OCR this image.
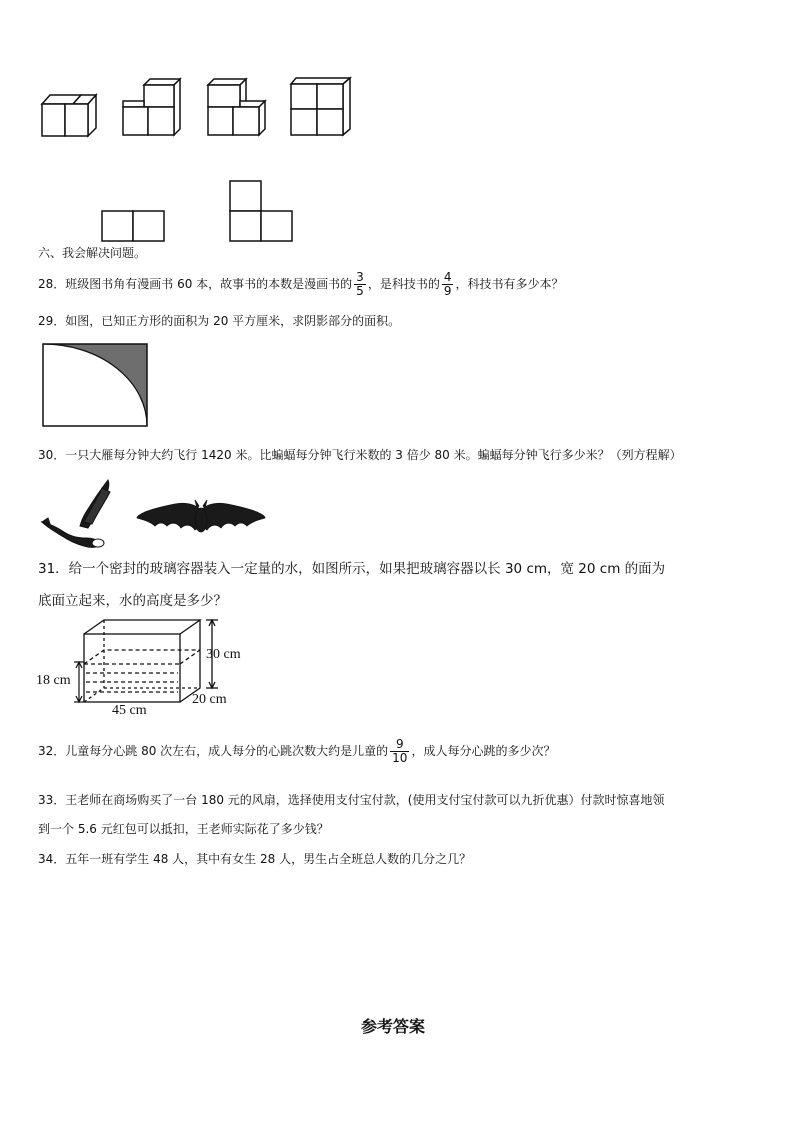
六、我会解决问题。
28．班级图书角有漫画书 60 本，故事书的本数是漫画书的 $\frac{3}{5}$ ，是科技书的 $\frac{4}{9}$ ，科技书有多少本？
29．如图，已知正方形的面积为 20 平方厘米，求阴影部分的面积。
30．一只大雁每分钟大约飞行 1420 米。比蝙蝠每分钟飞行米数的 3 倍少 80 米。蝙蝠每分钟飞行多少米？（列方程解）
31．给一个密封的玻璃容器装入一定量的水，如图所示，如果把玻璃容器以长 30 cm，宽 20 cm 的面为
底面立起来，水的高度是多少？
30 cm
18 cm
20 cm
45 cm
32．儿童每分心跳 80 次左右，成人每分的心跳次数大约是儿童的 $\frac{9}{10}$ ，成人每分心跳的多少次？
33．王老师在商场购买了一台 180 元的风扇，选择使用支付宝付款，(使用支付宝付款可以九折优惠）付款时惊喜地领
到一个 5.6 元红包可以抵扣，王老师实际花了多少钱？
34．五年一班有学生 48 人，其中有女生 28 人，男生占全班总人数的几分之几？
参考答案
